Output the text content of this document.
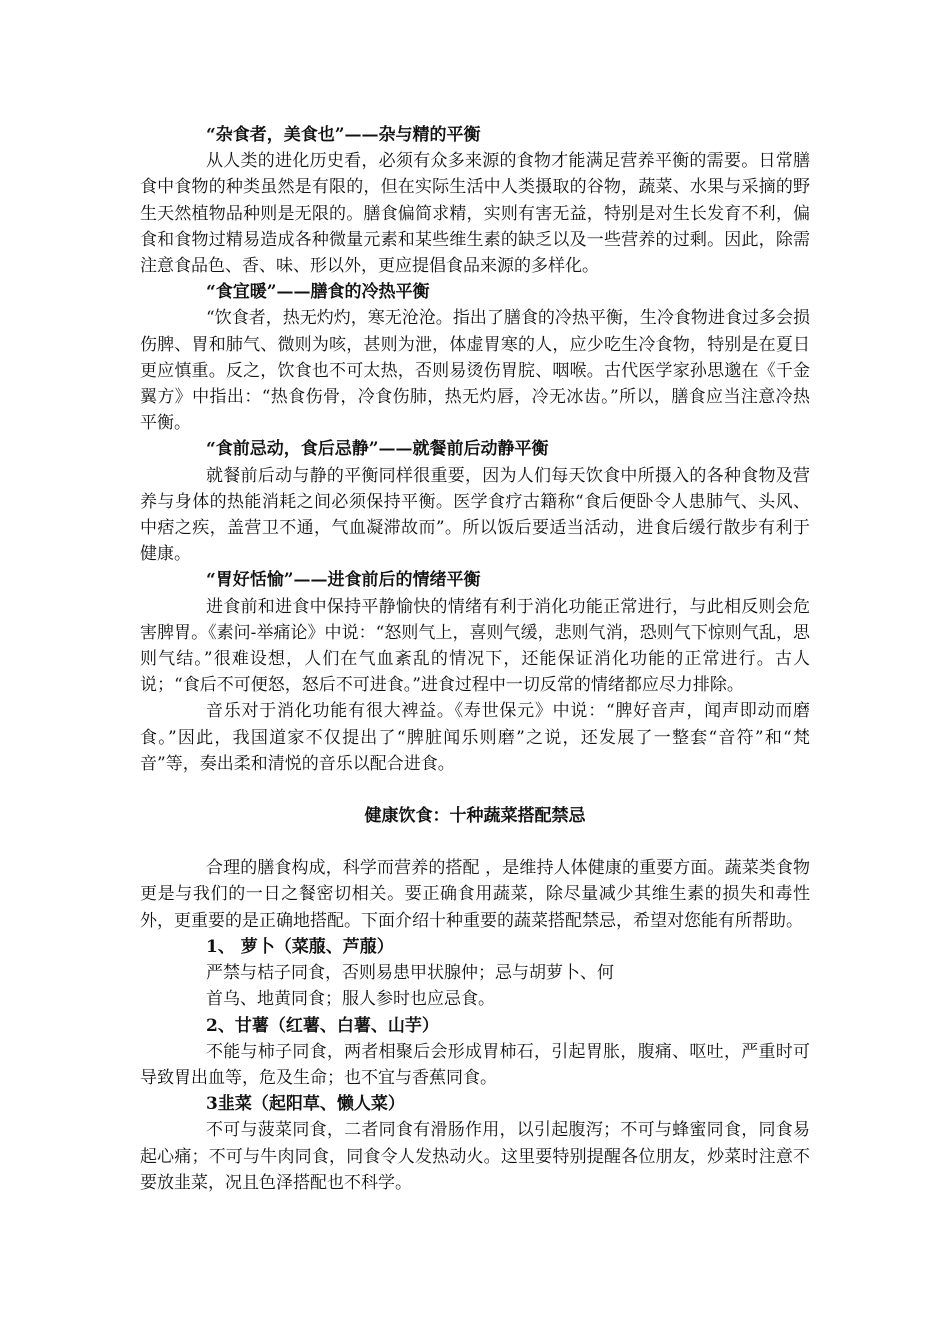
“杂食者，美食也”——杂与精的平衡

从人类的进化历史看，必须有众多来源的食物才能满足营养平衡的需要。日常膳食中食物的种类虽然是有限的，但在实际生活中人类摄取的谷物，蔬菜、水果与采摘的野生天然植物品种则是无限的。膳食偏简求精，实则有害无益，特别是对生长发育不利，偏食和食物过精易造成各种微量元素和某些维生素的缺乏以及一些营养的过剩。因此，除需注意食品色、香、味、形以外，更应提倡食品来源的多样化。

“食宜暖”——膳食的冷热平衡

“饮食者，热无灼灼，寒无沧沧。指出了膳食的冷热平衡，生冷食物进食过多会损伤脾、胃和肺气、微则为咳，甚则为泄，体虚胃寒的人，应少吃生冷食物，特别是在夏日更应慎重。反之，饮食也不可太热，否则易烫伤胃脘、咽喉。古代医学家孙思邈在《千金翼方》中指出：“热食伤骨，冷食伤肺，热无灼唇，冷无冰齿。”所以，膳食应当注意冷热平衡。

“食前忌动，食后忌静”——就餐前后动静平衡

就餐前后动与静的平衡同样很重要，因为人们每天饮食中所摄入的各种食物及营养与身体的热能消耗之间必须保持平衡。医学食疗古籍称“食后便卧令人患肺气、头风、中痞之疾，盖营卫不通，气血凝滞故而”。所以饭后要适当活动，进食后缓行散步有利于健康。

“胃好恬愉”——进食前后的情绪平衡

进食前和进食中保持平静愉快的情绪有利于消化功能正常进行，与此相反则会危害脾胃。《素问-举痛论》中说：“怒则气上，喜则气缓，悲则气消，恐则气下惊则气乱，思则气结。”很难设想，人们在气血紊乱的情况下，还能保证消化功能的正常进行。古人说；“食后不可便怒，怒后不可进食。”进食过程中一切反常的情绪都应尽力排除。

音乐对于消化功能有很大裨益。《寿世保元》中说：“脾好音声，闻声即动而磨食。”因此，我国道家不仅提出了“脾脏闻乐则磨”之说，还发展了一整套“音符”和“梵音”等，奏出柔和清悦的音乐以配合进食。

健康饮食：十种蔬菜搭配禁忌

合理的膳食构成，科学而营养的搭配 ，是维持人体健康的重要方面。蔬菜类食物更是与我们的一日之餐密切相关。要正确食用蔬菜，除尽量减少其维生素的损失和毒性外，更重要的是正确地搭配。下面介绍十种重要的蔬菜搭配禁忌，希望对您能有所帮助。

1、 萝卜（菜菔、芦菔）

严禁与桔子同食，否则易患甲状腺仲；忌与胡萝卜、何

首乌、地黄同食；服人参时也应忌食。

2、甘薯（红薯、白薯、山芋）

不能与柿子同食，两者相聚后会形成胃柿石，引起胃胀，腹痛、呕吐，严重时可导致胃出血等，危及生命；也不宜与香蕉同食。

3韭菜（起阳草、懒人菜）

不可与菠菜同食，二者同食有滑肠作用，以引起腹泻；不可与蜂蜜同食，同食易起心痛；不可与牛肉同食，同食令人发热动火。这里要特别提醒各位朋友，炒菜时注意不要放韭菜，况且色泽搭配也不科学。
